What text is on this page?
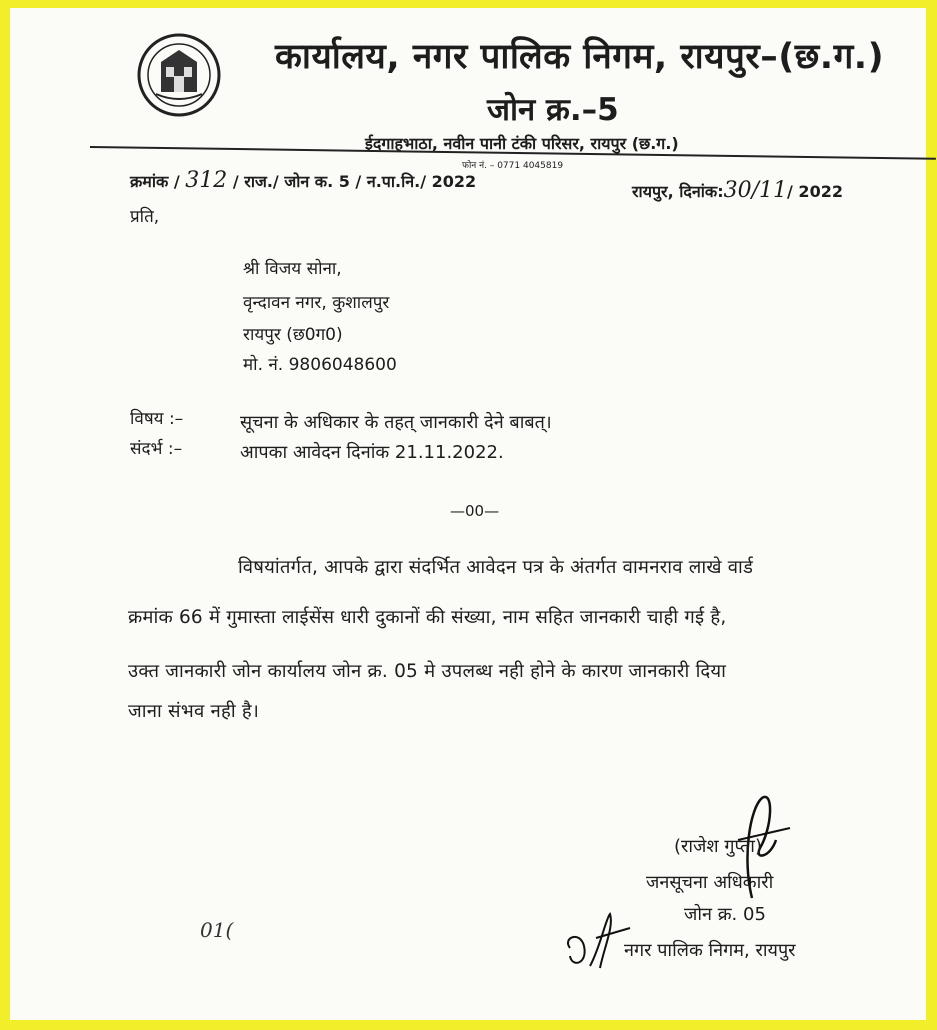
कार्यालय, नगर पालिक निगम, रायपुर–(छ.ग.)
जोन क्र.–5
ईदगाहभाठा, नवीन पानी टंकी परिसर, रायपुर (छ.ग.)
फोन नं. – 0771 4045819
क्रमांक / 312 / राज./ जोन क. 5 / न.पा.नि./ 2022
रायपुर, दिनांक:30/11/ 2022
प्रति,
श्री विजय सोना,
वृन्दावन नगर, कुशालपुर
रायपुर (छ0ग0)
मो. नं. 9806048600
विषय :–	सूचना के अधिकार के तहत् जानकारी देने बाबत्।
संदर्भ :–	आपका आवेदन दिनांक 21.11.2022.
—00—
विषयांतर्गत, आपके द्वारा संदर्भित आवेदन पत्र के अंतर्गत वामनराव लाखे वार्ड
क्रमांक 66 में गुमास्ता लाईसेंस धारी दुकानों की संख्या, नाम सहित जानकारी चाही गई है,
उक्त जानकारी जोन कार्यालय जोन क्र. 05 मे उपलब्ध नही होने के कारण जानकारी दिया
जाना संभव नही है।
(राजेश गुप्ता)
जनसूचना अधिकारी
जोन क्र. 05
नगर पालिक निगम, रायपुर
01(
